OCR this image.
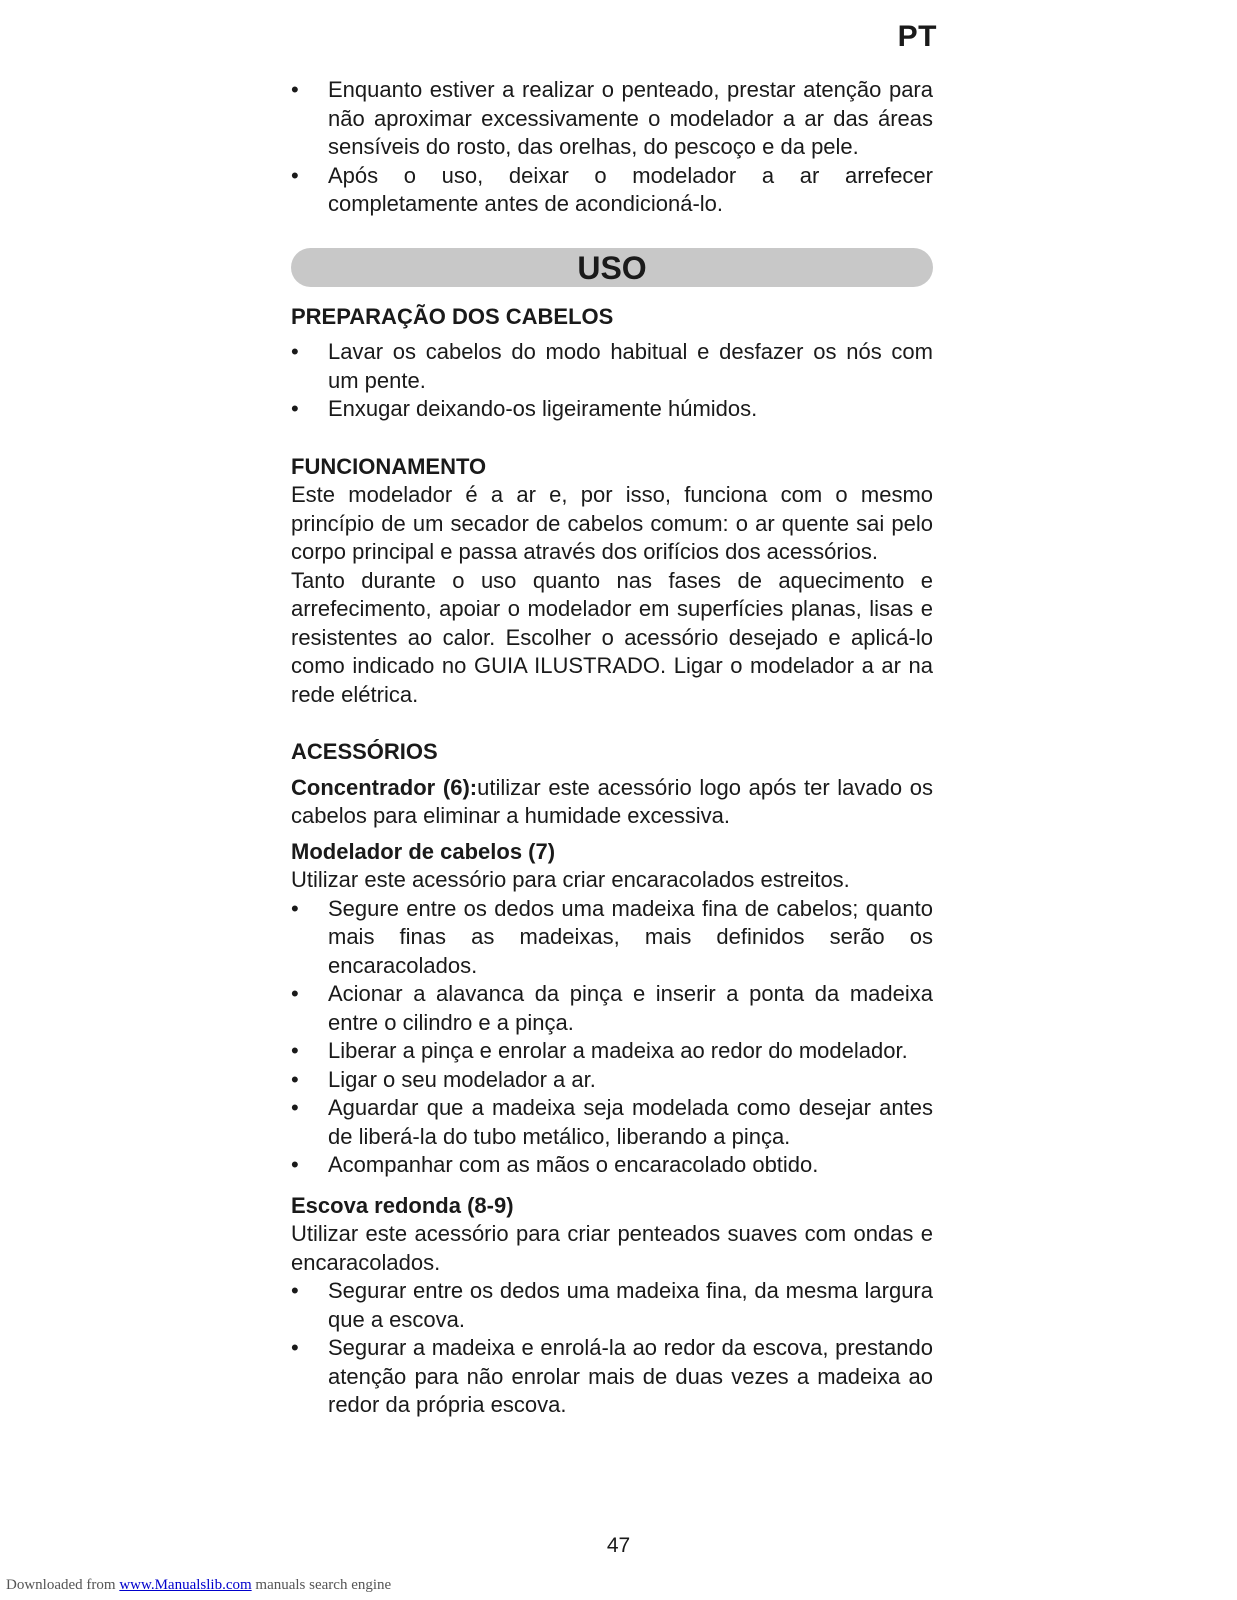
PT
•	Enquanto estiver a realizar o penteado, prestar atenção para não aproximar excessivamente o modelador a ar das áreas sensíveis do rosto, das orelhas, do pescoço e da pele.
•	Após o uso, deixar o modelador a ar arrefecer completamente antes de acondicioná-lo.
USO
PREPARAÇÃO DOS CABELOS
•	Lavar os cabelos do modo habitual e desfazer os nós com um pente.
•	Enxugar deixando-os ligeiramente húmidos.
FUNCIONAMENTO

Este modelador é a ar e, por isso, funciona com o mesmo princípio de um secador de cabelos comum: o ar quente sai pelo corpo principal e passa através dos orifícios dos acessórios.

Tanto durante o uso quanto nas fases de aquecimento e arrefecimento, apoiar o modelador em superfícies planas, lisas e resistentes ao calor. Escolher o acessório desejado e aplicá-lo como indicado no GUIA ILUSTRADO. Ligar o modelador a ar na rede elétrica.

ACESSÓRIOS

Concentrador (6):utilizar este acessório logo após ter lavado os cabelos para eliminar a humidade excessiva.

Modelador de cabelos (7)

Utilizar este acessório para criar encaracolados estreitos.

•	Segure entre os dedos uma madeixa fina de cabelos; quanto mais finas as madeixas, mais definidos serão os encaracolados.
•	Acionar a alavanca da pinça e inserir a ponta da madeixa entre o cilindro e a pinça.
•	Liberar a pinça e enrolar a madeixa ao redor do modelador.
•	Ligar o seu modelador a ar.
•	Aguardar que a madeixa seja modelada como desejar antes de liberá-la do tubo metálico, liberando a pinça.
•	Acompanhar com as mãos o encaracolado obtido.
Escova redonda (8-9)

Utilizar este acessório para criar penteados suaves com ondas e encaracolados.

•	Segurar entre os dedos uma madeixa fina, da mesma largura que a escova.
•	Segurar a madeixa e enrolá-la ao redor da escova, prestando atenção para não enrolar mais de duas vezes a madeixa ao redor da própria escova.
47
Downloaded from www.Manualslib.com manuals search engine
